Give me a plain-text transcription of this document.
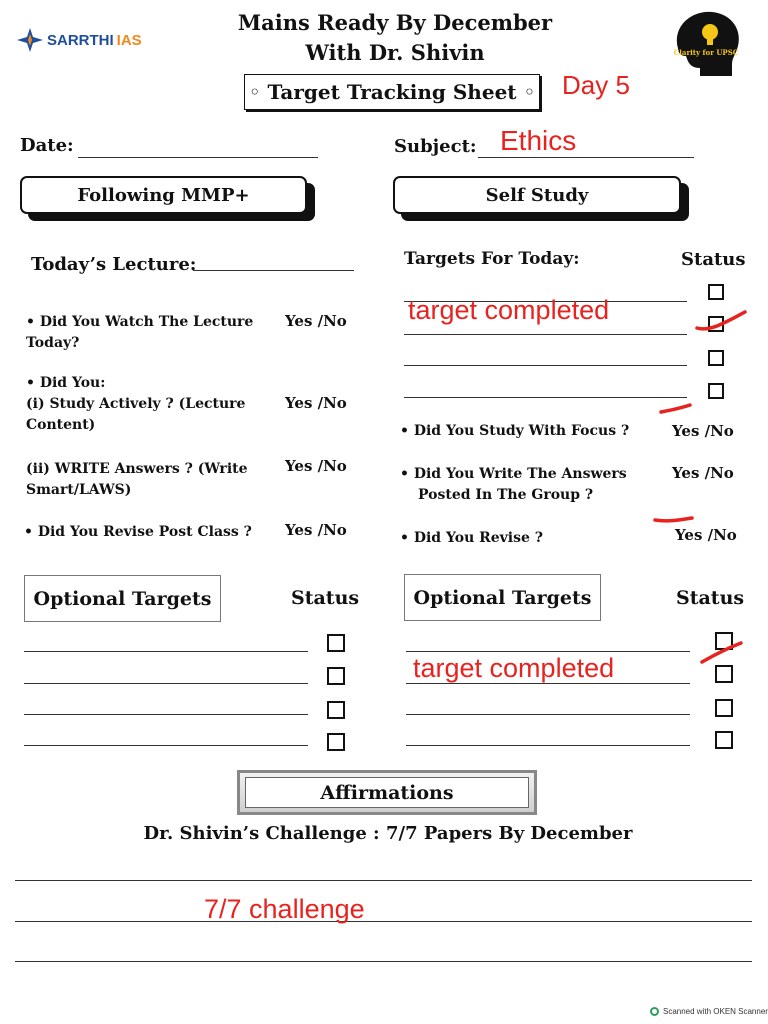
SARRTHI IAS
Mains Ready By December
With Dr. Shivin	Clarity for UPSC
◦ Target Tracking Sheet ◦ Day 5
Date:	Subject: Ethics
Following MMP+	Self Study
Today’s Lecture:
• Did You Watch The Lecture Today?
Yes /No
• Did You:
(i) Study Actively ? (Lecture Content)
Yes /No
(ii) WRITE Answers ? (Write Smart/LAWS)
Yes /No
• Did You Revise Post Class ?	Yes /No
Targets For Today:	Status
target completed
• Did You Study With Focus ?	Yes /No
• Did You Write The Answers Posted In The Group ?
Yes /No
• Did You Revise ?	Yes /No
Optional Targets	Status	Optional Targets	Status
target completed
Affirmations
Dr. Shivin’s Challenge : 7/7 Papers By December
7/7 challenge
Scanned with OKEN Scanner
